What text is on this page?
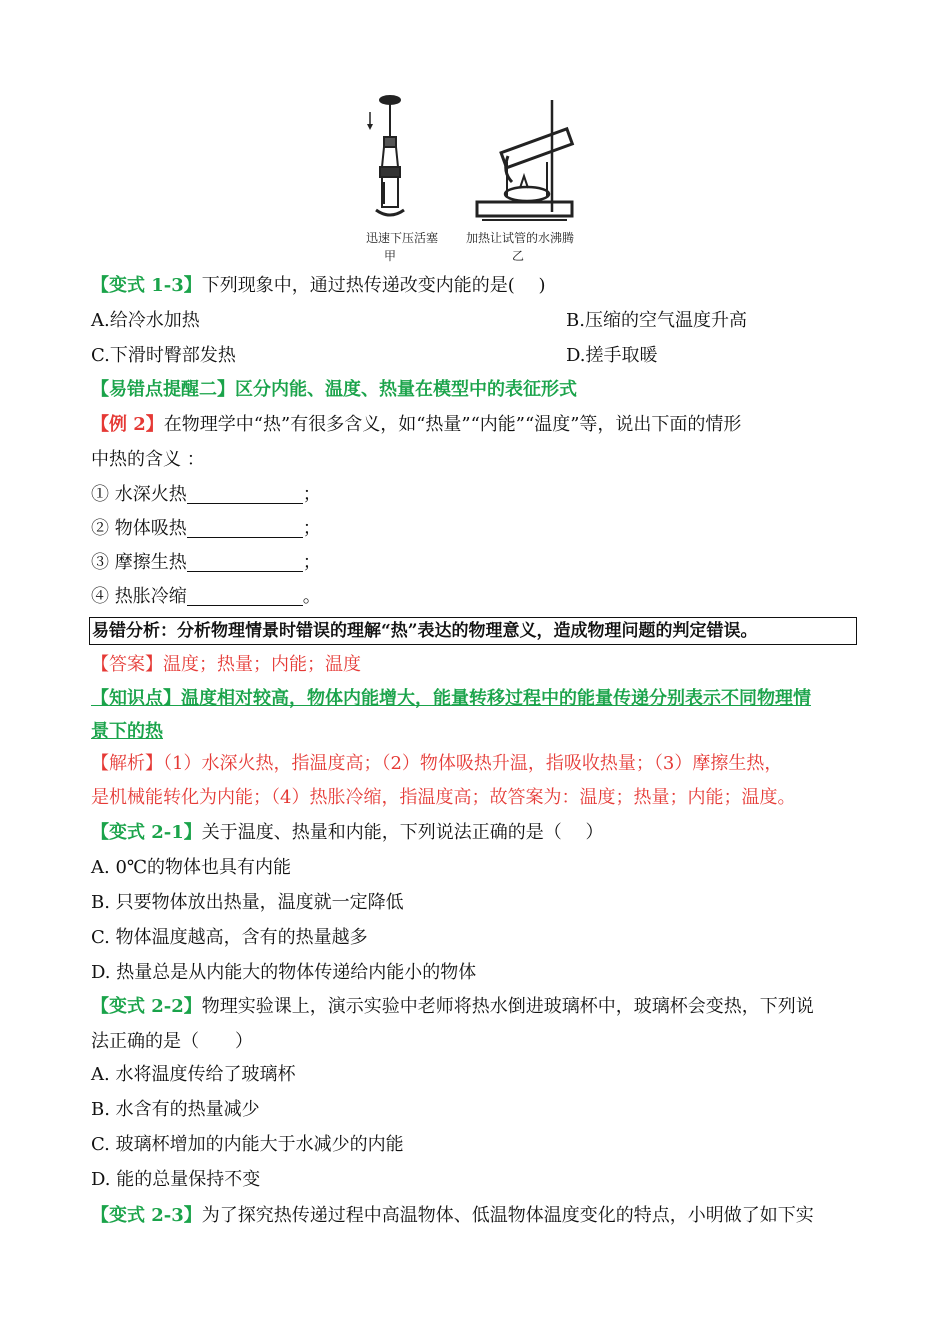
迅速下压活塞
甲
加热让试管的水沸腾
乙
【变式 1-3】下列现象中，通过热传递改变内能的是(　 )
A.给冷水加热	B.压缩的空气温度升高
C.下滑时臀部发热	D.搓手取暖
【易错点提醒二】区分内能、温度、热量在模型中的表征形式
【例 2】在物理学中“热”有很多含义，如“热量”“内能”“温度”等，说出下面的情形
中热的含义 ：
① 水深火热	；
② 物体吸热	；
③ 摩擦生热	；
④ 热胀冷缩	。
易错分析：分析物理情景时错误的理解“热”表达的物理意义，造成物理问题的判定错误。
【答案】温度；热量；内能；温度
【知识点】温度相对较高，物体内能增大，能量转移过程中的能量传递分别表示不同物理情
景下的热
【解析】（1）水深火热，指温度高；（2）物体吸热升温，指吸收热量；（3）摩擦生热，
是机械能转化为内能；（4）热胀冷缩，指温度高；故答案为：温度；热量；内能；温度。
【变式 2-1】关于温度、热量和内能，下列说法正确的是（　 ）
A. 0℃的物体也具有内能
B. 只要物体放出热量，温度就一定降低
C. 物体温度越高，含有的热量越多
D. 热量总是从内能大的物体传递给内能小的物体
【变式 2-2】物理实验课上，演示实验中老师将热水倒进玻璃杯中，玻璃杯会变热，下列说
法正确的是（　　）
A. 水将温度传给了玻璃杯
B. 水含有的热量减少
C. 玻璃杯增加的内能大于水减少的内能
D. 能的总量保持不变
【变式 2-3】为了探究热传递过程中高温物体、低温物体温度变化的特点，小明做了如下实
